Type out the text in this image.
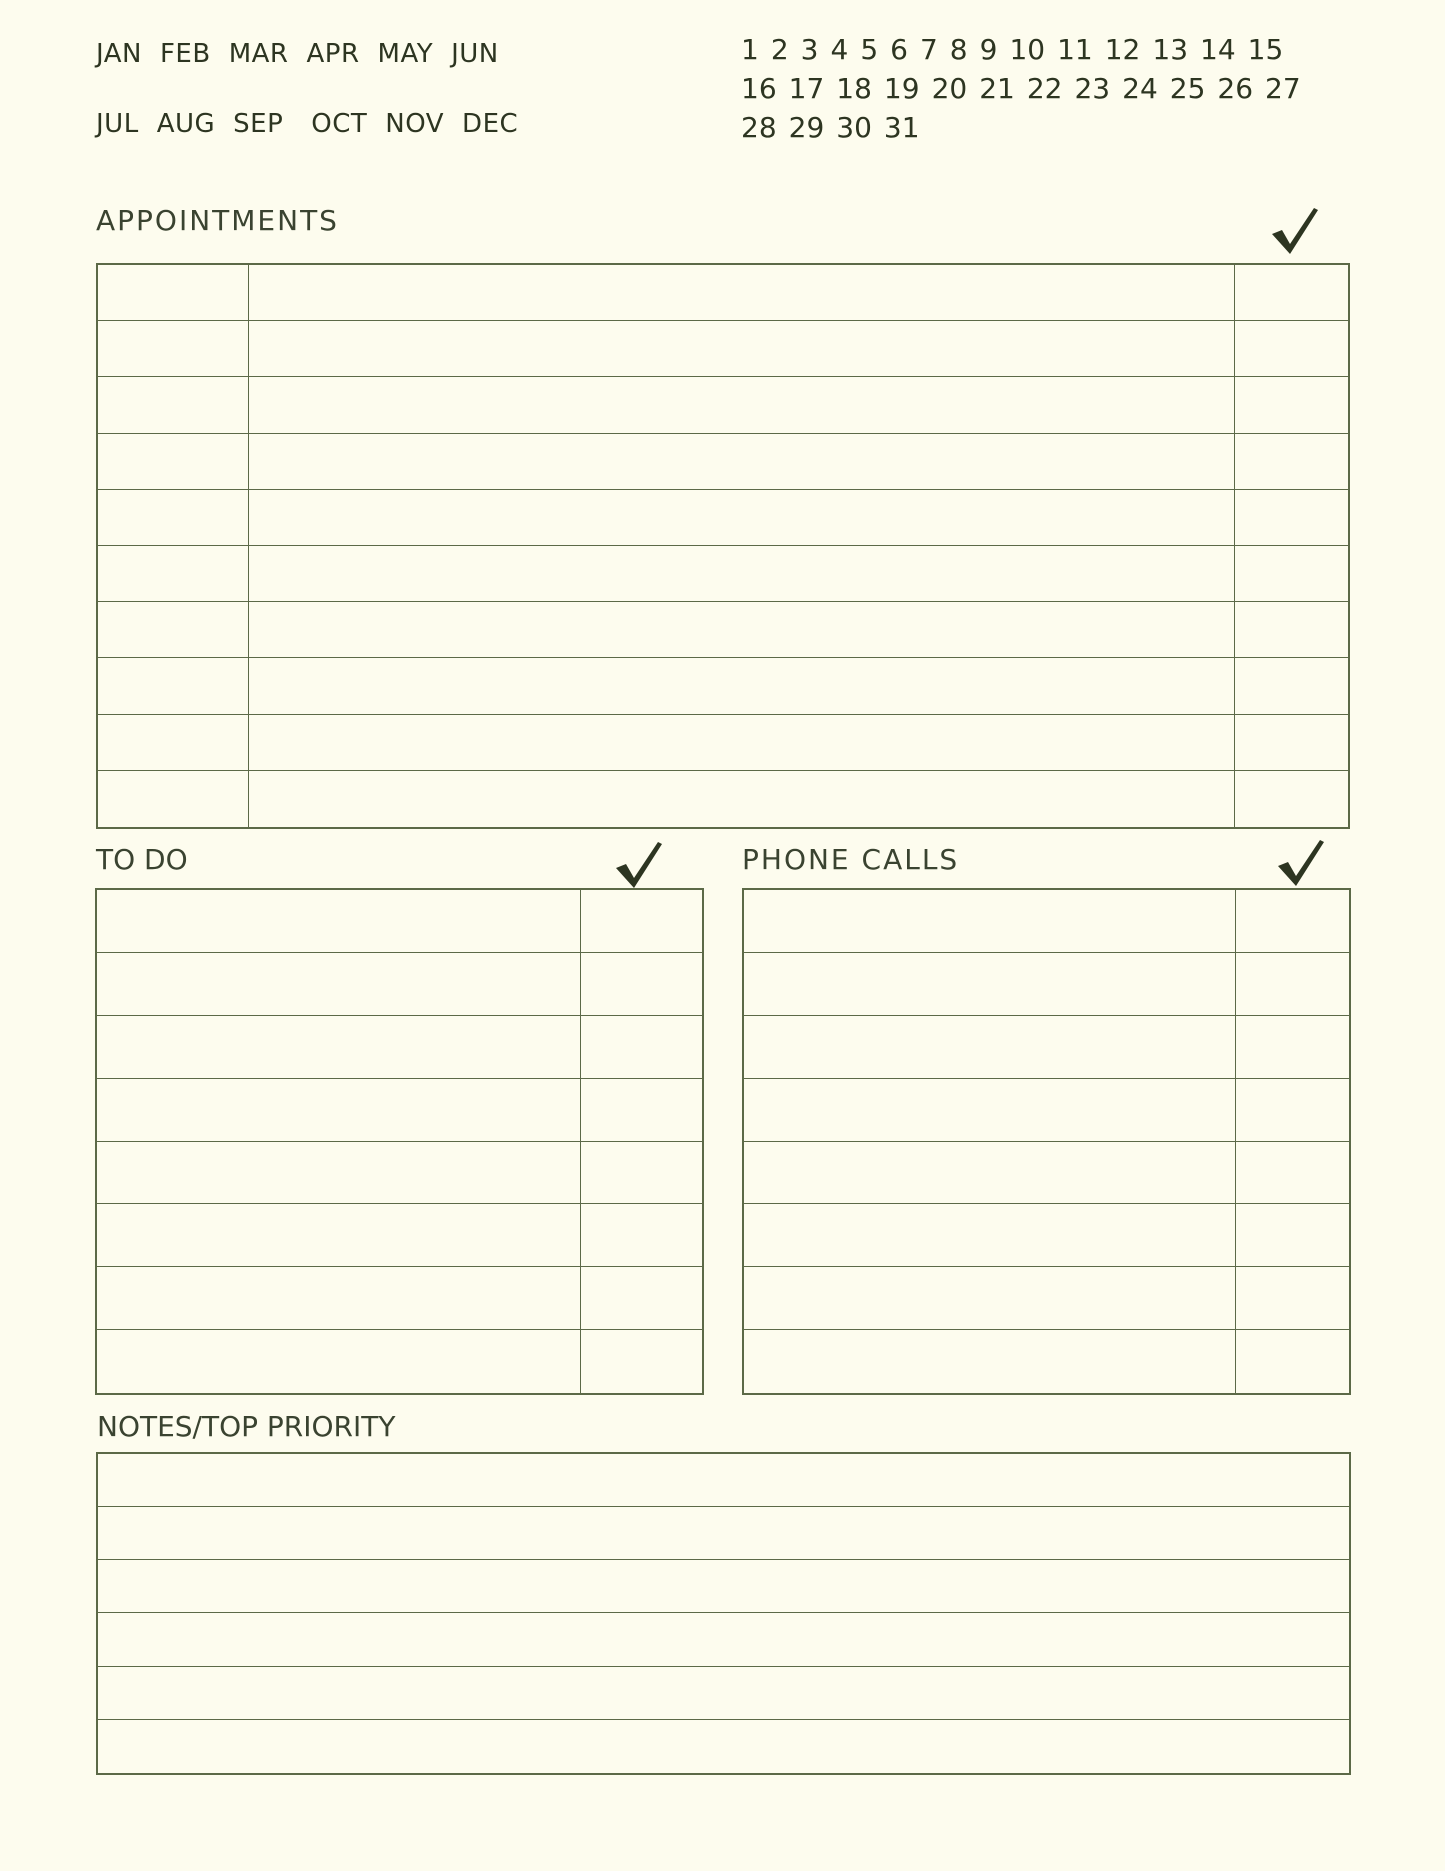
JAN FEB MAR APR MAY JUN
JUL AUG SEP OCT NOV DEC
1 2 3 4 5 6 7 8 9 10 11 12 13 14 15
16 17 18 19 20 21 22 23 24 25 26 27
28 29 30 31
APPOINTMENTS
TO DO	PHONE CALLS
NOTES/TOP PRIORITY
